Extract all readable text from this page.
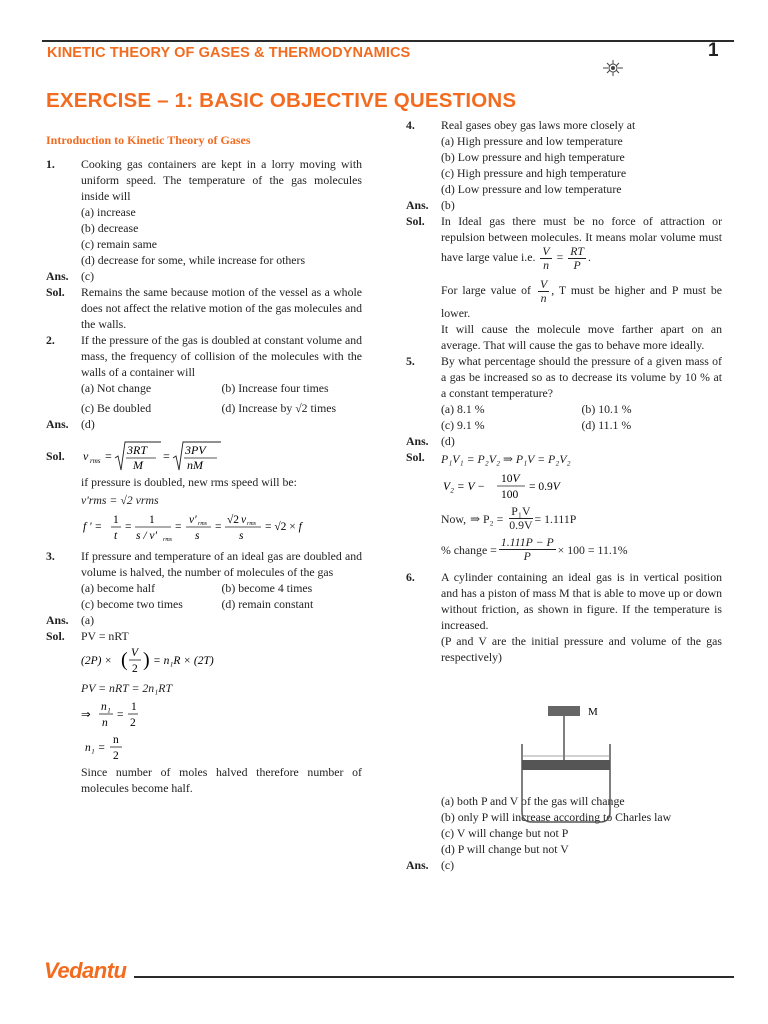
KINETIC THEORY OF GASES & THERMODYNAMICS	1
EXERCISE – 1: BASIC OBJECTIVE QUESTIONS
Introduction to Kinetic Theory of Gases
1.	Cooking gas containers are kept in a lorry moving with uniform speed. The temperature of the gas molecules inside will
(a) increase
(b) decrease
(c) remain same
(d) decrease for some, while increase for others
Ans.	(c)
Sol.	Remains the same because motion of the vessel as a whole does not affect the relative motion of the gas molecules and the walls.
2.	If the pressure of the gas is doubled at constant volume and mass, the frequency of collision of the molecules with the walls of a container will
(a) Not change	(b) Increase four times
(c) Be doubled	(d) Increase by √2 times
Ans.	(d)
Sol.	v rms = 3RT
M
= 3PV
nM
if pressure is doubled, new rms speed will be:
v'rms = √2 vrms
f ' =
1
t
=
1
s / v' rms
=
v' rms
s
=
√2 v rms
s
= √2 × f
3.	If pressure and temperature of an ideal gas are doubled and volume is halved, the number of molecules of the gas
(a) become half	(b) become 4 times
(c) become two times	(d) remain constant
Ans.	(a)
Sol.	PV = nRT
(2P) × ( V
2 ) = n₁R × (2T)
PV = nRT = 2n₁RT
⇒
n₁
n
=
1
2
n₁ =
n
2
Since number of moles halved therefore number of molecules become half.
4.	Real gases obey gas laws more closely at
(a) High pressure and low temperature
(b) Low pressure and high temperature
(c) High pressure and high temperature
(d) Low pressure and low temperature
Ans.	(b)
Sol.	In Ideal gas there must be no force of attraction or repulsion between molecules. It means molar volume must have large value i.e. $\frac{V}{n} = \frac{RT}{P}$ .
For large value of $\frac{V}{n}$ , T must be higher and P must be lower.
It will cause the molecule move farther apart on an average. That will cause the gas to behave more ideally.
5.	By what percentage should the pressure of a given mass of a gas be increased so as to decrease its volume by 10 % at a constant temperature?
(a) 8.1 %	(b) 10.1 %
(c) 9.1 %	(d) 11.1 %
Ans.	(d)
Sol.	P₁V₁ = P₂V₂ ⇒ P₁V = P₂V₂
V₂ = V −
10V
100
= 0.9V
Now, ⇒ $P_2 = \frac{\text{P₁V}}{0.9V} = 1.111P$
% change = $\frac{1.111P - P}{P} \times 100 = 11.1\%$
6.	A cylinder containing an ideal gas is in vertical position and has a piston of mass M that is able to move up or down without friction, as shown in figure. If the temperature is increased.
(P and V are the initial pressure and volume of the gas respectively)
(a) both P and V of the gas will change
(b) only P will increase according to Charles law
(c) V will change but not P
(d) P will change but not V
Ans.	(c)
M
Vedantu
